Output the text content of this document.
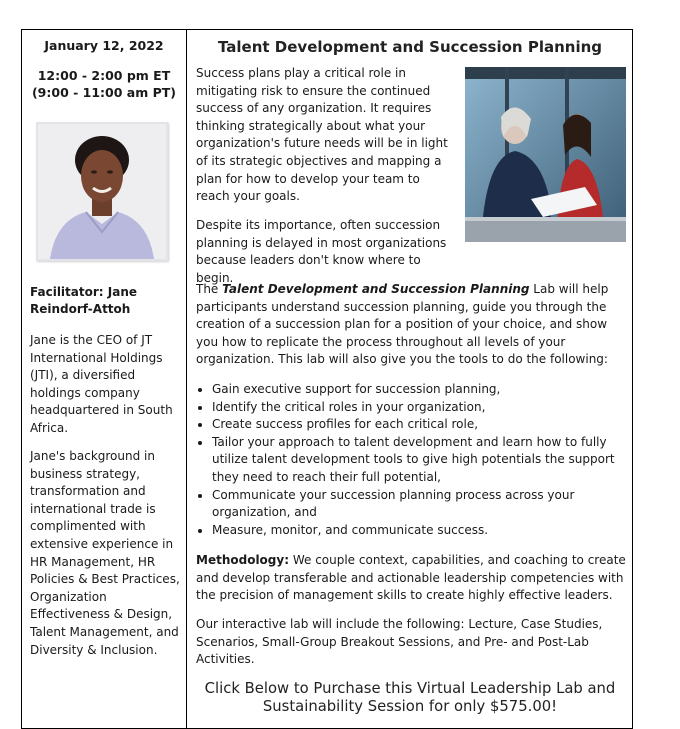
January 12, 2022
12:00 - 2:00 pm ET
(9:00 - 11:00 am PT)
Facilitator: Jane Reindorf-Attoh

Jane is the CEO of JT International Holdings (JTI), a diversified holdings company headquartered in South Africa.

Jane's background in business strategy, transformation and international trade is complimented with extensive experience in HR Management, HR Policies & Best Practices, Organization Effectiveness & Design, Talent Management, and Diversity & Inclusion.

Talent Development and Succession Planning

Success plans play a critical role in mitigating risk to ensure the continued success of any organization. It requires thinking strategically about what your organization's future needs will be in light of its strategic objectives and mapping a plan for how to develop your team to reach your goals.

Despite its importance, often succession planning is delayed in most organizations because leaders don't know where to begin.

The Talent Development and Succession Planning Lab will help participants understand succession planning, guide you through the creation of a succession plan for a position of your choice, and show you how to replicate the process throughout all levels of your organization. This lab will also give you the tools to do the following:

• Gain executive support for succession planning,
• Identify the critical roles in your organization,
• Create success profiles for each critical role,
• Tailor your approach to talent development and learn how to fully utilize talent development tools to give high potentials the support they need to reach their full potential,
• Communicate your succession planning process across your organization, and
• Measure, monitor, and communicate success.

Methodology: We couple context, capabilities, and coaching to create and develop transferable and actionable leadership competencies with the precision of management skills to create highly effective leaders.

Our interactive lab will include the following: Lecture, Case Studies, Scenarios, Small-Group Breakout Sessions, and Pre- and Post-Lab Activities.

Click Below to Purchase this Virtual Leadership Lab and Sustainability Session for only $575.00!
